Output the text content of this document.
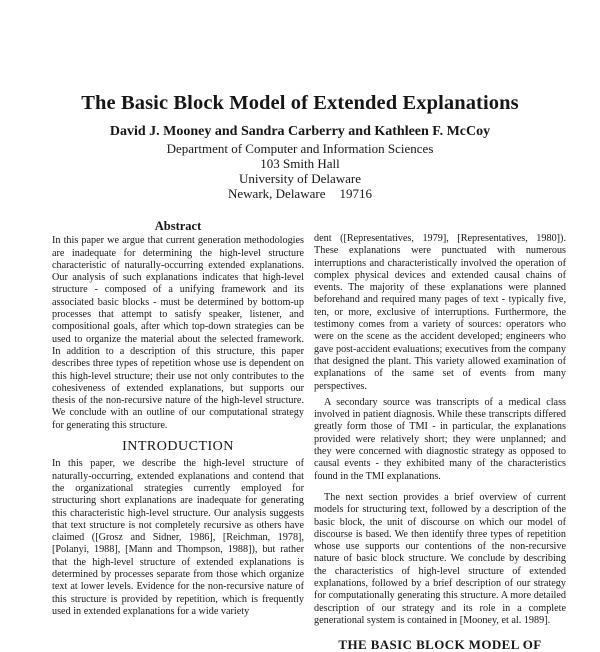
The Basic Block Model of Extended Explanations
David J. Mooney and Sandra Carberry and Kathleen F. McCoy
Department of Computer and Information Sciences
103 Smith Hall
University of Delaware
Newark, Delaware 19716
Abstract

In this paper we argue that current generation methodologies are inadequate for determining the high-level structure characteristic of naturally-occurring extended explanations. Our analysis of such explanations indicates that high-level structure - composed of a unifying framework and its associated basic blocks - must be determined by bottom-up processes that attempt to satisfy speaker, listener, and compositional goals, after which top-down strategies can be used to organize the material about the selected framework. In addition to a description of this structure, this paper describes three types of repetition whose use is dependent on this high-level structure; their use not only contributes to the cohesiveness of extended explanations, but supports our thesis of the non-recursive nature of the high-level structure. We conclude with an outline of our computational strategy for generating this structure.

INTRODUCTION

In this paper, we describe the high-level structure of naturally-occurring, extended explanations and contend that the organizational strategies currently employed for structuring short explanations are inadequate for generating this characteristic high-level structure. Our analysis suggests that text structure is not completely recursive as others have claimed ([Grosz and Sidner, 1986], [Reichman, 1978], [Polanyi, 1988], [Mann and Thompson, 1988]), but rather that the high-level structure of extended explanations is determined by processes separate from those which organize text at lower levels. Evidence for the non-recursive nature of this structure is provided by repetition, which is frequently used in extended explanations for a wide variety

dent ([Representatives, 1979], [Representatives, 1980]). These explanations were punctuated with numerous interruptions and characteristically involved the operation of complex physical devices and extended causal chains of events. The majority of these explanations were planned beforehand and required many pages of text - typically five, ten, or more, exclusive of interruptions. Furthermore, the testimony comes from a variety of sources: operators who were on the scene as the accident developed; engineers who gave post-accident evaluations; executives from the company that designed the plant. This variety allowed examination of explanations of the same set of events from many perspectives.

A secondary source was transcripts of a medical class involved in patient diagnosis. While these transcripts differed greatly form those of TMI - in particular, the explanations provided were relatively short; they were unplanned; and they were concerned with diagnostic strategy as opposed to causal events - they exhibited many of the characteristics found in the TMI explanations.

The next section provides a brief overview of current models for structuring text, followed by a description of the basic block, the unit of discourse on which our model of discourse is based. We then identify three types of repetition whose use supports our contentions of the non-recursive nature of basic block structure. We conclude by describing the characteristics of high-level structure of extended explanations, followed by a brief description of our strategy for computationally generating this structure. A more detailed description of our strategy and its role in a complete generational system is contained in [Mooney, et al. 1989].

THE BASIC BLOCK MODEL OF
